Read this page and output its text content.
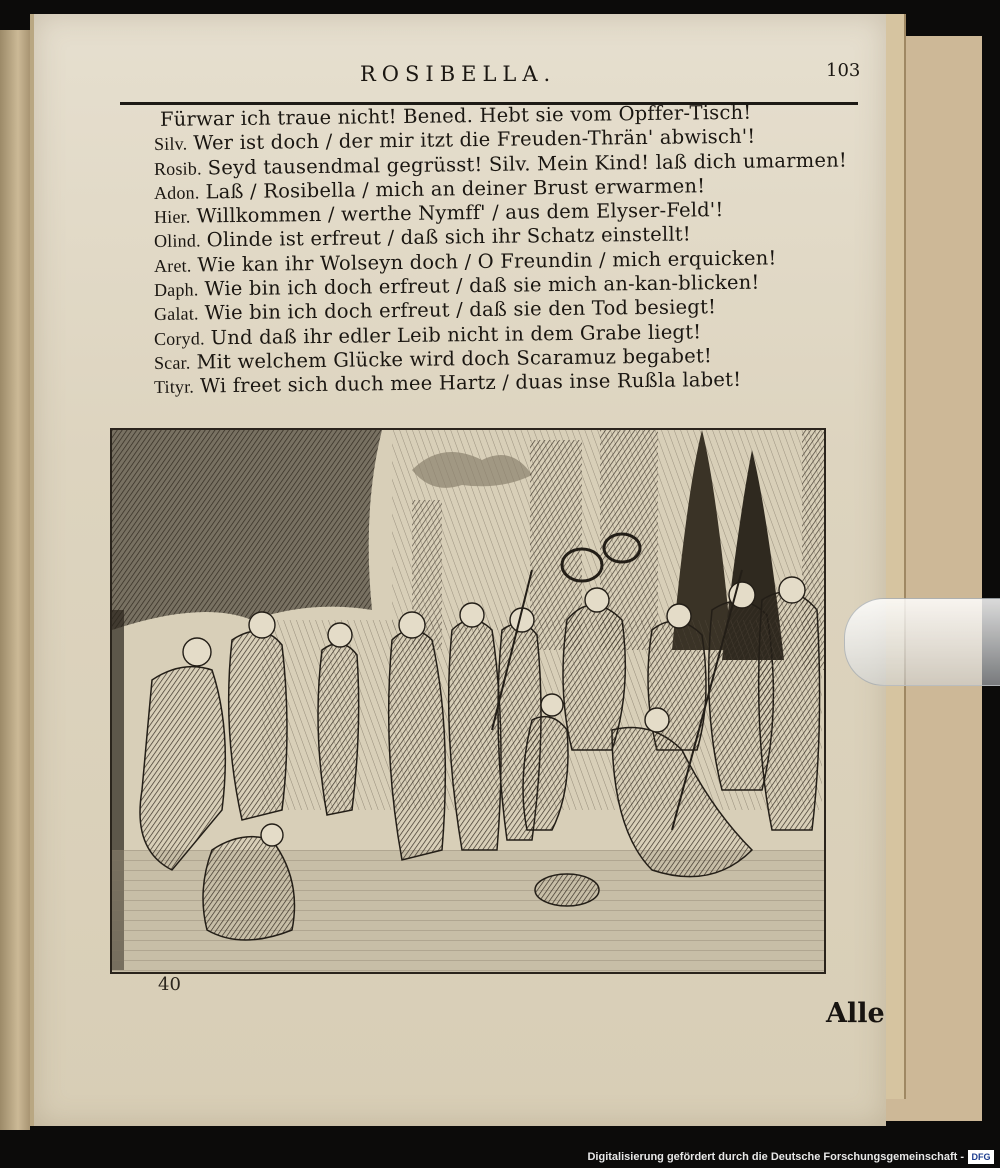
ROSIBELLA.	103
Fürwar ich traue nicht! Bened. Hebt sie vom Opffer-Tisch!
Silv. Wer ist doch / der mir itzt die Freuden-Thrän' abwisch'!
Rosib. Seyd tausendmal gegrüsst! Silv. Mein Kind! laß dich umarmen!
Adon. Laß / Rosibella / mich an deiner Brust erwarmen!
Hier. Willkommen / werthe Nymff' / aus dem Elyser-Feld'!
Olind. Olinde ist erfreut / daß sich ihr Schatz einstellt!
Aret. Wie kan ihr Wolseyn doch / O Freundin / mich erquicken!
Daph. Wie bin ich doch erfreut / daß sie mich an-kan-blicken!
Galat. Wie bin ich doch erfreut / daß sie den Tod besiegt!
Coryd. Und daß ihr edler Leib nicht in dem Grabe liegt!
Scar. Mit welchem Glücke wird doch Scaramuz begabet!
Tityr. Wi freet sich duch mee Hartz / duas inse Rußla labet!
40
Alle
Digitalisierung gefördert durch die Deutsche Forschungsgemeinschaft - DFG
